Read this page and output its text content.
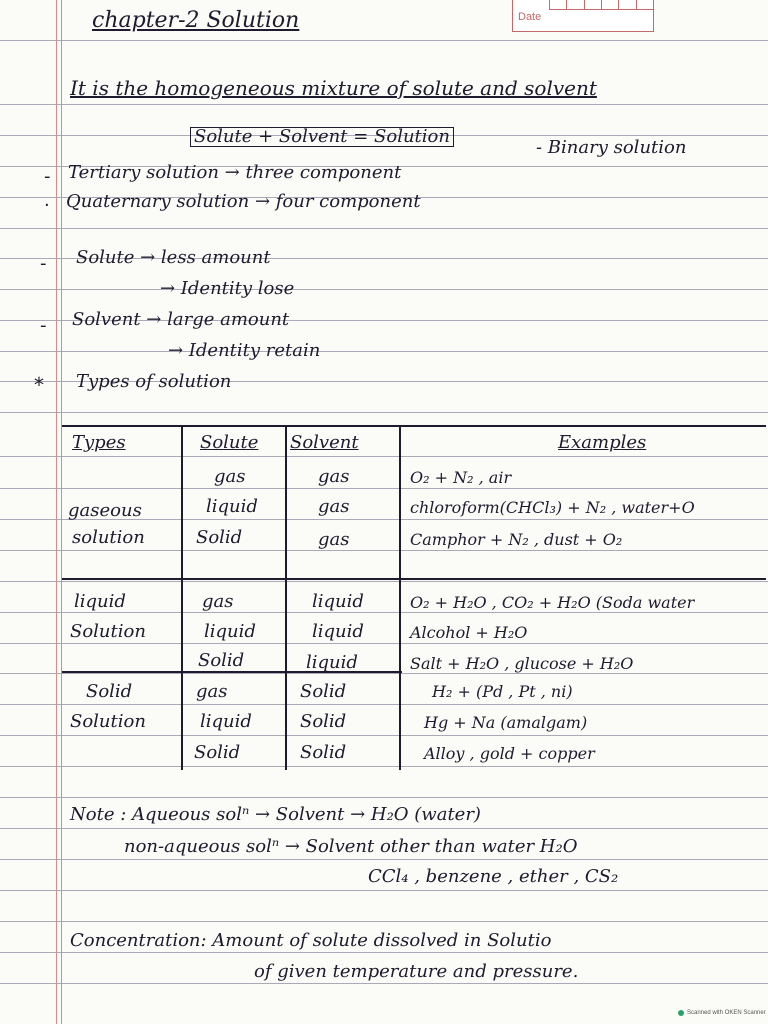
Date
chapter-2 Solution
It is the homogeneous mixture of solute and solvent
Solute + Solvent = Solution
- Binary solution
- Tertiary solution → three component
· Quaternary solution → four component
- Solute → less amount
→ Identity lose
- Solvent → large amount
→ Identity retain
* Types of solution
Types	Solute Solvent	Examples
gaseous
solution
gas	gas	O₂ + N₂ , air
liquid	gas	chloroform(CHCl₃) + N₂ , water+O
Solid	gas	Camphor + N₂ , dust + O₂
liquid
Solution
gas	liquid	O₂ + H₂O , CO₂ + H₂O (Soda water
liquid	liquid	Alcohol + H₂O
Solid	liquid	Salt + H₂O , glucose + H₂O
Solid
Solution
gas	Solid	H₂ + (Pd , Pt , ni)
liquid	Solid	Hg + Na (amalgam)
Solid	Solid	Alloy , gold + copper
Note : Aqueous solⁿ → Solvent → H₂O (water)
non-aqueous solⁿ → Solvent other than water H₂O
CCl₄ , benzene , ether , CS₂
Concentration: Amount of solute dissolved in Solutio
of given temperature and pressure.
Scanned with OKEN Scanner
